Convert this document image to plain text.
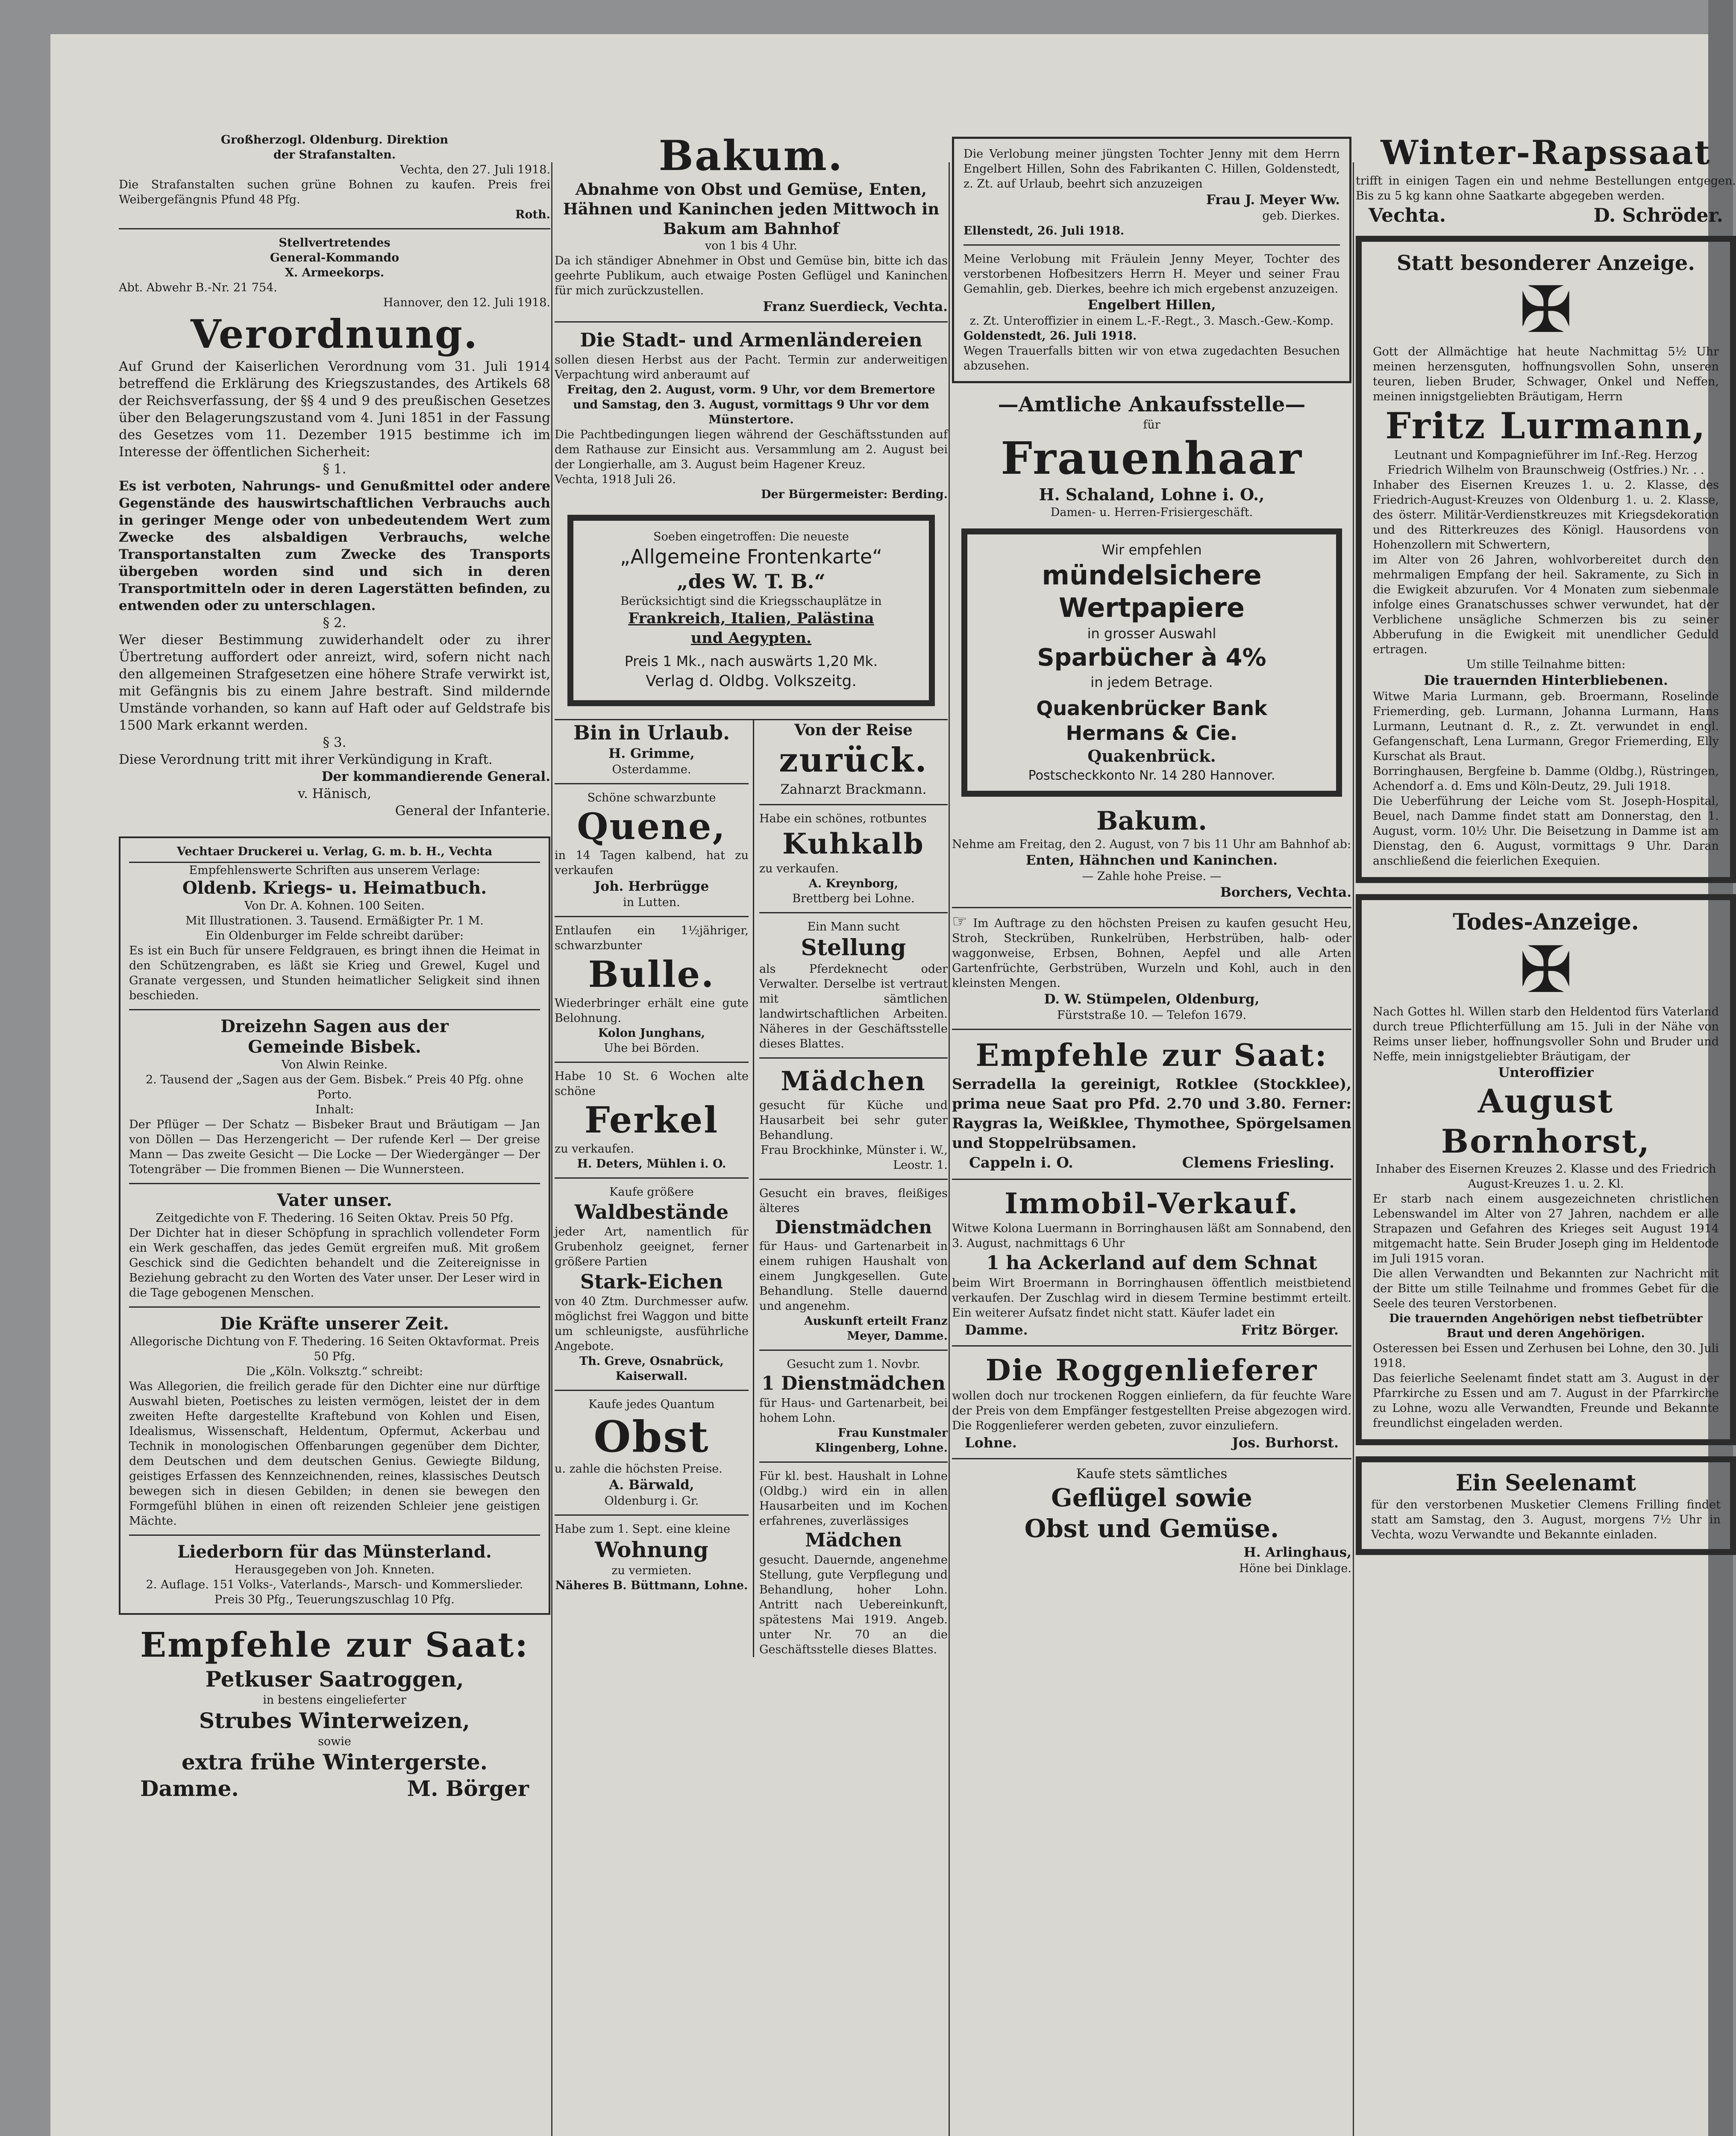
Großherzogl. Oldenburg. Direktion
der Strafanstalten.
Vechta, den 27. Juli 1918.
Die Strafanstalten suchen grüne Bohnen zu kaufen. Preis frei Weibergefängnis Pfund 48 Pfg.
Roth.
Stellvertretendes
General-Kommando
X. Armeekorps.
Abt. Abwehr B.-Nr. 21 754.
Hannover, den 12. Juli 1918.
Verordnung.
Auf Grund der Kaiserlichen Verordnung vom 31. Juli 1914 betreffend die Erklärung des Kriegszustandes, des Artikels 68 der Reichsverfassung, der §§ 4 und 9 des preußischen Gesetzes über den Belagerungszustand vom 4. Juni 1851 in der Fassung des Gesetzes vom 11. Dezember 1915 bestimme ich im Interesse der öffentlichen Sicherheit:
§ 1.
Es ist verboten, Nahrungs- und Genußmittel oder andere Gegenstände des hauswirtschaftlichen Verbrauchs auch in geringer Menge oder von unbedeutendem Wert zum Zwecke des alsbaldigen Verbrauchs, welche Transportanstalten zum Zwecke des Transports übergeben worden sind und sich in deren Transportmitteln oder in deren Lagerstätten befinden, zu entwenden oder zu unterschlagen.
§ 2.
Wer dieser Bestimmung zuwiderhandelt oder zu ihrer Übertretung auffordert oder anreizt, wird, sofern nicht nach den allgemeinen Strafgesetzen eine höhere Strafe verwirkt ist, mit Gefängnis bis zu einem Jahre bestraft. Sind mildernde Umstände vorhanden, so kann auf Haft oder auf Geldstrafe bis 1500 Mark erkannt werden.
§ 3.
Diese Verordnung tritt mit ihrer Verkündigung in Kraft.
Der kommandierende General.
v. Hänisch,
General der Infanterie.
Vechtaer Druckerei u. Verlag, G. m. b. H., Vechta
Empfehlenswerte Schriften aus unserem Verlage:
Oldenb. Kriegs- u. Heimatbuch.
Von Dr. A. Kohnen. 100 Seiten.
Mit Illustrationen. 3. Tausend. Ermäßigter Pr. 1 M.
Ein Oldenburger im Felde schreibt darüber:
Es ist ein Buch für unsere Feldgrauen, es bringt ihnen die Heimat in den Schützengraben, es läßt sie Krieg und Grewel, Kugel und Granate vergessen, und Stunden heimatlicher Seligkeit sind ihnen beschieden.
Dreizehn Sagen aus der
Gemeinde Bisbek.
Von Alwin Reinke.
2. Tausend der „Sagen aus der Gem. Bisbek.“ Preis 40 Pfg. ohne Porto.
Inhalt:
Der Pflüger — Der Schatz — Bisbeker Braut und Bräutigam — Jan von Döllen — Das Herzengericht — Der rufende Kerl — Der greise Mann — Das zweite Gesicht — Die Locke — Der Wiedergänger — Der Totengräber — Die frommen Bienen — Die Wunnersteen.
Vater unser.
Zeitgedichte von F. Thedering. 16 Seiten Oktav. Preis 50 Pfg.
Der Dichter hat in dieser Schöpfung in sprachlich vollendeter Form ein Werk geschaffen, das jedes Gemüt ergreifen muß. Mit großem Geschick sind die Gedichten behandelt und die Zeitereignisse in Beziehung gebracht zu den Worten des Vater unser. Der Leser wird in die Tage gebogenen Menschen.
Die Kräfte unserer Zeit.
Allegorische Dichtung von F. Thedering. 16 Seiten Oktavformat. Preis 50 Pfg.
Die „Köln. Volksztg.“ schreibt:
Was Allegorien, die freilich gerade für den Dichter eine nur dürftige Auswahl bieten, Poetisches zu leisten vermögen, leistet der in dem zweiten Hefte dargestellte Kraftebund von Kohlen und Eisen, Idealismus, Wissenschaft, Heldentum, Opfermut, Ackerbau und Technik in monologischen Offenbarungen gegenüber dem Dichter, dem Deutschen und dem deutschen Genius. Gewiegte Bildung, geistiges Erfassen des Kennzeichnenden, reines, klassisches Deutsch bewegen sich in diesen Gebilden; in denen sie bewegen den Formgefühl blühen in einen oft reizenden Schleier jene geistigen Mächte.
Liederborn für das Münsterland.
Herausgegeben von Joh. Knneten.
2. Auflage. 151 Volks-, Vaterlands-, Marsch- und Kommerslieder.
Preis 30 Pfg., Teuerungszuschlag 10 Pfg.
Empfehle zur Saat:
Petkuser Saatroggen,
in bestens eingelieferter
Strubes Winterweizen,
sowie
extra frühe Wintergerste.
Damme.	M. Börger
Bakum.
Abnahme von Obst und Gemüse, Enten, Hähnen und Kaninchen jeden Mittwoch in Bakum am Bahnhof
von 1 bis 4 Uhr.
Da ich ständiger Abnehmer in Obst und Gemüse bin, bitte ich das geehrte Publikum, auch etwaige Posten Geflügel und Kaninchen für mich zurückzustellen.
Franz Suerdieck, Vechta.
Die Stadt- und Armenländereien
sollen diesen Herbst aus der Pacht. Termin zur anderweitigen Verpachtung wird anberaumt auf
Freitag, den 2. August, vorm. 9 Uhr, vor dem Bremertore und Samstag, den 3. August, vormittags 9 Uhr vor dem Münstertore.
Die Pachtbedingungen liegen während der Geschäftsstunden auf dem Rathause zur Einsicht aus. Versammlung am 2. August bei der Longierhalle, am 3. August beim Hagener Kreuz.
Vechta, 1918 Juli 26.
Der Bürgermeister: Berding.
Soeben eingetroffen: Die neueste
„Allgemeine Frontenkarte“
„des W. T. B.“
Berücksichtigt sind die Kriegsschauplätze in
Frankreich, Italien, Palästina
und Aegypten.
Preis 1 Mk., nach auswärts 1,20 Mk.
Verlag d. Oldbg. Volkszeitg.
Bin in Urlaub.
H. Grimme,
Osterdamme.
Schöne schwarzbunte
Quene,
in 14 Tagen kalbend, hat zu verkaufen
Joh. Herbrügge
in Lutten.
Entlaufen ein 1½jähriger, schwarzbunter
Bulle.
Wiederbringer erhält eine gute Belohnung.
Kolon Junghans,
Uhe bei Börden.
Habe 10 St. 6 Wochen alte schöne
Ferkel
zu verkaufen.
H. Deters, Mühlen i. O.
Kaufe größere
Waldbestände
jeder Art, namentlich für Grubenholz geeignet, ferner größere Partien
Stark-Eichen
von 40 Ztm. Durchmesser aufw. möglichst frei Waggon und bitte um schleunigste, ausführliche Angebote.
Th. Greve, Osnabrück, Kaiserwall.
Kaufe jedes Quantum
Obst
u. zahle die höchsten Preise.
A. Bärwald,
Oldenburg i. Gr.
Habe zum 1. Sept. eine kleine
Wohnung
zu vermieten.
Näheres B. Büttmann, Lohne.
Von der Reise
zurück.
Zahnarzt Brackmann.
Habe ein schönes, rotbuntes
Kuhkalb
zu verkaufen.
A. Kreynborg,
Brettberg bei Lohne.
Ein Mann sucht
Stellung
als Pferdeknecht oder Verwalter. Derselbe ist vertraut mit sämtlichen landwirtschaftlichen Arbeiten. Näheres in der Geschäftsstelle dieses Blattes.
Mädchen
gesucht für Küche und Hausarbeit bei sehr guter Behandlung.
Frau Brockhinke, Münster i. W., Leostr. 1.
Gesucht ein braves, fleißiges älteres
Dienstmädchen
für Haus- und Gartenarbeit in einem ruhigen Haushalt von einem Jungkgesellen. Gute Behandlung. Stelle dauernd und angenehm.
Auskunft erteilt Franz Meyer, Damme.
Gesucht zum 1. Novbr.
1 Dienstmädchen
für Haus- und Gartenarbeit, bei hohem Lohn.
Frau Kunstmaler Klingenberg, Lohne.
Für kl. best. Haushalt in Lohne (Oldbg.) wird ein in allen Hausarbeiten und im Kochen erfahrenes, zuverlässiges
Mädchen
gesucht. Dauernde, angenehme Stellung, gute Verpflegung und Behandlung, hoher Lohn. Antritt nach Uebereinkunft, spätestens Mai 1919. Angeb. unter Nr. 70 an die Geschäftsstelle dieses Blattes.
Die Verlobung meiner jüngsten Tochter Jenny mit dem Herrn Engelbert Hillen, Sohn des Fabrikanten C. Hillen, Goldenstedt, z. Zt. auf Urlaub, beehrt sich anzuzeigen
Frau J. Meyer Ww.
geb. Dierkes.
Ellenstedt, 26. Juli 1918.
Meine Verlobung mit Fräulein Jenny Meyer, Tochter des verstorbenen Hofbesitzers Herrn H. Meyer und seiner Frau Gemahlin, geb. Dierkes, beehre ich mich ergebenst anzuzeigen.
Engelbert Hillen,
z. Zt. Unteroffizier in einem L.-F.-Regt., 3. Masch.-Gew.-Komp.
Goldenstedt, 26. Juli 1918.
Wegen Trauerfalls bitten wir von etwa zugedachten Besuchen abzusehen.
—Amtliche Ankaufsstelle—
für
Frauenhaar
H. Schaland, Lohne i. O.,
Damen- u. Herren-Frisiergeschäft.
Wir empfehlen
mündelsichere Wertpapiere
in grosser Auswahl
Sparbücher à 4%
in jedem Betrage.
Quakenbrücker Bank
Hermans & Cie.
Quakenbrück.
Postscheckkonto Nr. 14 280 Hannover.
Bakum.
Nehme am Freitag, den 2. August, von 7 bis 11 Uhr am Bahnhof ab:
Enten, Hähnchen und Kaninchen.
— Zahle hohe Preise. —
Borchers, Vechta.
☞ Im Auftrage zu den höchsten Preisen zu kaufen gesucht Heu, Stroh, Steckrüben, Runkelrüben, Herbstrüben, halb- oder waggonweise, Erbsen, Bohnen, Aepfel und alle Arten Gartenfrüchte, Gerbstrüben, Wurzeln und Kohl, auch in den kleinsten Mengen.
D. W. Stümpelen, Oldenburg,
Fürststraße 10. — Telefon 1679.
Empfehle zur Saat:
Serradella la gereinigt, Rotklee (Stockklee), prima neue Saat pro Pfd. 2.70 und 3.80. Ferner: Raygras la, Weißklee, Thymothee, Spörgelsamen und Stoppelrübsamen.
Cappeln i. O.	Clemens Friesling.
Immobil-Verkauf.
Witwe Kolona Luermann in Borringhausen läßt am Sonnabend, den 3. August, nachmittags 6 Uhr
1 ha Ackerland auf dem Schnat
beim Wirt Broermann in Borringhausen öffentlich meistbietend verkaufen. Der Zuschlag wird in diesem Termine bestimmt erteilt. Ein weiterer Aufsatz findet nicht statt. Käufer ladet ein
Damme.	Fritz Börger.
Die Roggenlieferer
wollen doch nur trockenen Roggen einliefern, da für feuchte Ware der Preis von dem Empfänger festgestellten Preise abgezogen wird. Die Roggenlieferer werden gebeten, zuvor einzuliefern.
Lohne.	Jos. Burhorst.
Kaufe stets sämtliches
Geflügel sowie
Obst und Gemüse.
H. Arlinghaus,
Höne bei Dinklage.
Winter-Rapssaat
trifft in einigen Tagen ein und nehme Bestellungen entgegen. Bis zu 5 kg kann ohne Saatkarte abgegeben werden.
Vechta.	D. Schröder.
Statt besonderer Anzeige.
✠
Gott der Allmächtige hat heute Nachmittag 5½ Uhr meinen herzensguten, hoffnungsvollen Sohn, unseren teuren, lieben Bruder, Schwager, Onkel und Neffen, meinen innigstgeliebten Bräutigam, Herrn
Fritz Lurmann,
Leutnant und Kompagnieführer im Inf.-Reg. Herzog Friedrich Wilhelm von Braunschweig (Ostfries.) Nr. . .
Inhaber des Eisernen Kreuzes 1. u. 2. Klasse, des Friedrich-August-Kreuzes von Oldenburg 1. u. 2. Klasse, des österr. Militär-Verdienstkreuzes mit Kriegsdekoration und des Ritterkreuzes des Königl. Hausordens von Hohenzollern mit Schwertern,
im Alter von 26 Jahren, wohlvorbereitet durch den mehrmaligen Empfang der heil. Sakramente, zu Sich in die Ewigkeit abzurufen. Vor 4 Monaten zum siebenmale infolge eines Granatschusses schwer verwundet, hat der Verblichene unsägliche Schmerzen bis zu seiner Abberufung in die Ewigkeit mit unendlicher Geduld ertragen.
Um stille Teilnahme bitten:
Die trauernden Hinterbliebenen.
Witwe Maria Lurmann, geb. Broermann, Roselinde Friemerding, geb. Lurmann, Johanna Lurmann, Hans Lurmann, Leutnant d. R., z. Zt. verwundet in engl. Gefangenschaft, Lena Lurmann, Gregor Friemerding, Elly Kurschat als Braut.
Borringhausen, Bergfeine b. Damme (Oldbg.), Rüstringen, Achendorf a. d. Ems und Köln-Deutz, 29. Juli 1918.
Die Ueberführung der Leiche vom St. Joseph-Hospital, Beuel, nach Damme findet statt am Donnerstag, den 1. August, vorm. 10½ Uhr. Die Beisetzung in Damme ist am Dienstag, den 6. August, vormittags 9 Uhr. Daran anschließend die feierlichen Exequien.
Todes-Anzeige.
✠
Nach Gottes hl. Willen starb den Heldentod fürs Vaterland durch treue Pflichterfüllung am 15. Juli in der Nähe von Reims unser lieber, hoffnungsvoller Sohn und Bruder und Neffe, mein innigstgeliebter Bräutigam, der
Unteroffizier
August Bornhorst,
Inhaber des Eisernen Kreuzes 2. Klasse und des Friedrich August-Kreuzes 1. u. 2. Kl.
Er starb nach einem ausgezeichneten christlichen Lebenswandel im Alter von 27 Jahren, nachdem er alle Strapazen und Gefahren des Krieges seit August 1914 mitgemacht hatte. Sein Bruder Joseph ging im Heldentode im Juli 1915 voran.
Die allen Verwandten und Bekannten zur Nachricht mit der Bitte um stille Teilnahme und frommes Gebet für die Seele des teuren Verstorbenen.
Die trauernden Angehörigen nebst tiefbetrübter Braut und deren Angehörigen.
Osteressen bei Essen und Zerhusen bei Lohne, den 30. Juli 1918.
Das feierliche Seelenamt findet statt am 3. August in der Pfarrkirche zu Essen und am 7. August in der Pfarrkirche zu Lohne, wozu alle Verwandten, Freunde und Bekannte freundlichst eingeladen werden.
Ein Seelenamt
für den verstorbenen Musketier Clemens Frilling findet statt am Samstag, den 3. August, morgens 7½ Uhr in Vechta, wozu Verwandte und Bekannte einladen.
